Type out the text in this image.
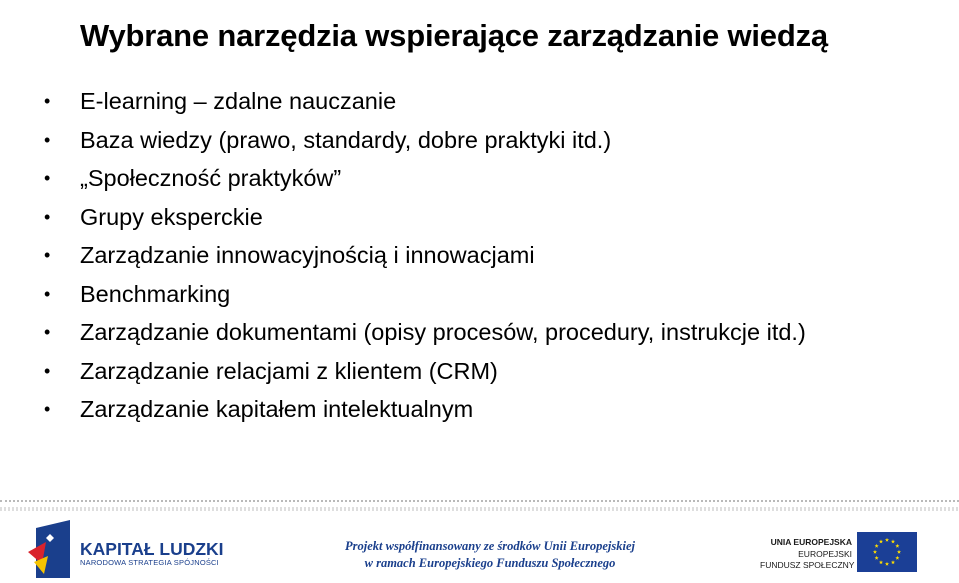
Wybrane narzędzia wspierające zarządzanie wiedzą
• E-learning – zdalne nauczanie
• Baza wiedzy (prawo, standardy, dobre praktyki itd.)
• „Społeczność praktyków”
• Grupy eksperckie
• Zarządzanie innowacyjnością i innowacjami
• Benchmarking
• Zarządzanie dokumentami (opisy procesów, procedury, instrukcje itd.)
• Zarządzanie relacjami z klientem (CRM)
• Zarządzanie kapitałem intelektualnym
KAPITAŁ LUDZKI
NARODOWA STRATEGIA SPÓJNOŚCI
Projekt współfinansowany ze środków Unii Europejskiej
w ramach Europejskiego Funduszu Społecznego
UNIA EUROPEJSKA
EUROPEJSKI
FUNDUSZ SPOŁECZNY
